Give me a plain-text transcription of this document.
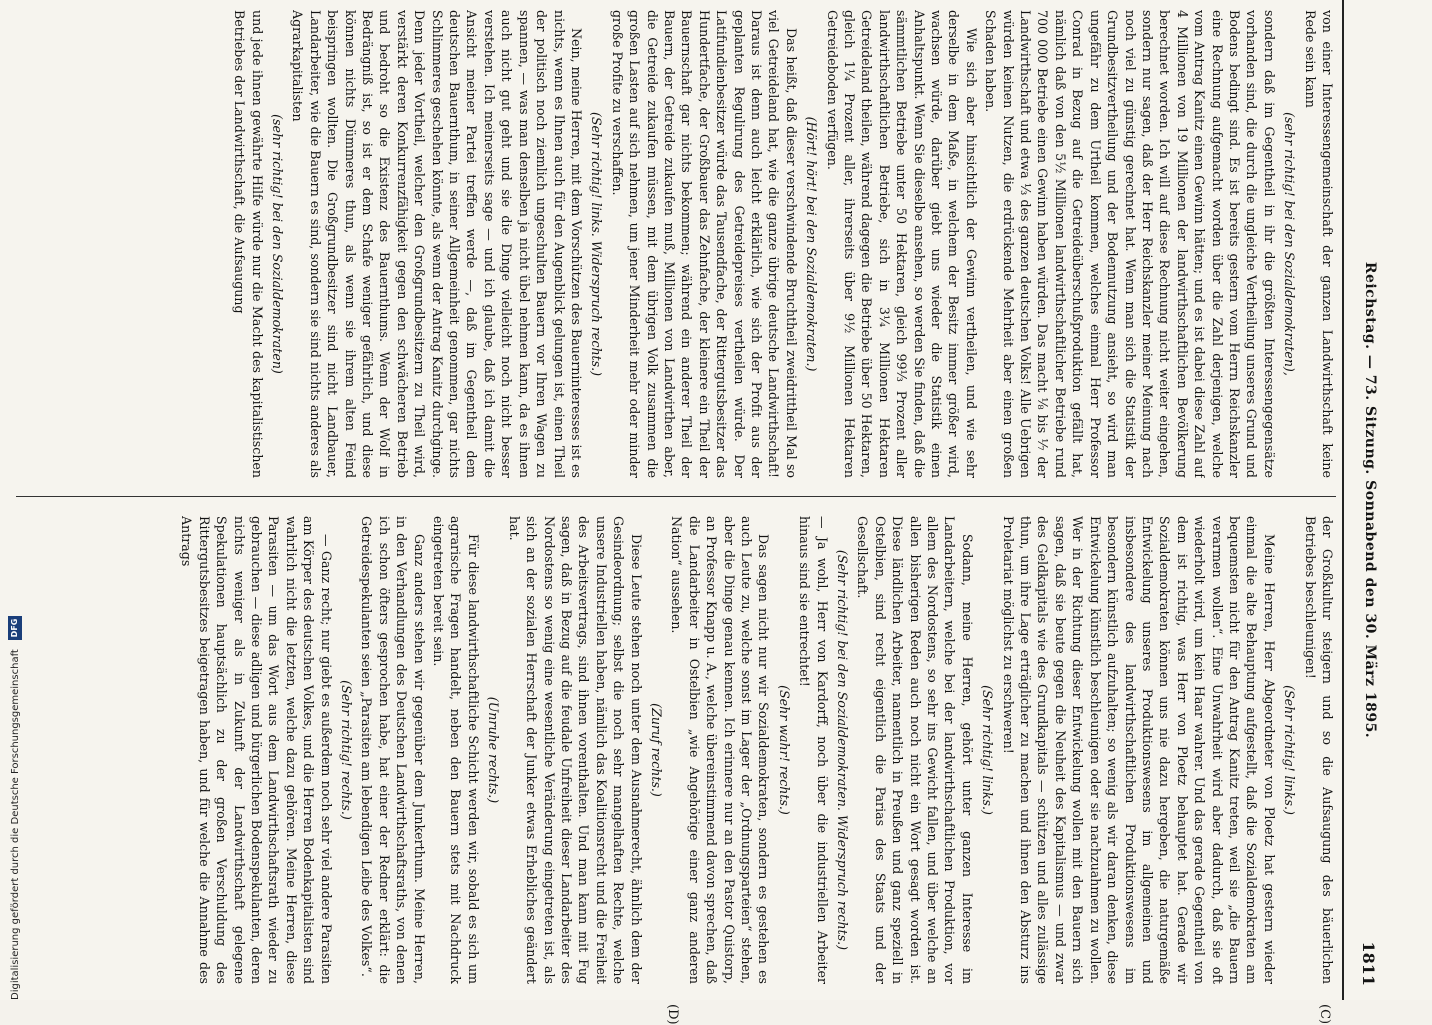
Reichstag. — 73. Sitzung. Sonnabend den 30. März 1895.
1811

von einer Interessengemeinschaft der ganzen Landwirthschaft keine Rede sein kann

(sehr richtig! bei den Sozialdemokraten),

sondern daß im Gegentheil in ihr die größten Interessengegensätze vorhanden sind, die durch die ungleiche Vertheilung unseres Grund und Bodens bedingt sind. Es ist bereits gestern vom Herrn Reichskanzler eine Rechnung aufgemacht worden über die Zahl derjenigen, welche vom Antrag Kanitz einen Gewinn hätten; und es ist dabei diese Zahl auf 4 Millionen von 19 Millionen der landwirthschaftlichen Bevölkerung berechnet worden. Ich will auf diese Rechnung nicht weiter eingehen, sondern nur sagen, daß der Herr Reichskanzler meiner Meinung nach noch viel zu günstig gerechnet hat. Wenn man sich die Statistik der Grundbesitzvertheilung und der Bodennutzung ansieht, so wird man ungefähr zu dem Urtheil kommen, welches einmal Herr Professor Conrad in Bezug auf die Getreideüberschußproduktion gefällt hat, nämlich daß von den 5½ Millionen landwirthschaftlicher Betriebe rund 700 000 Betriebe einen Gewinn haben würden. Das macht ⅛ bis ⅐ der Landwirthschaft und etwa ⅓ des ganzen deutschen Volks! Alle Uebrigen würden keinen Nutzen, die erdrückende Mehrheit aber einen großen Schaden haben.

Wie sich aber hinsichtlich der Gewinn vertheilen, und wie sehr derselbe in dem Maße, in welchem der Besitz immer größer wird, wachsen würde, darüber giebt uns wieder die Statistik einen Anhaltspunkt. Wenn Sie dieselbe ansehen, so werden Sie finden, daß die sämmtlichen Betriebe unter 50 Hektaren, gleich 99⅓ Prozent aller landwirthschaftlichen Betriebe, sich in 3¼ Millionen Hektaren Getreideland theilen, während dagegen die Betriebe über 50 Hektaren, gleich 1¼ Prozent aller, ihrerseits über 9½ Millionen Hektaren Getreideboden verfügen.

(Hört! hört! bei den Sozialdemokraten.)

Das heißt, daß dieser verschwindende Bruchtheil zweidrittheil Mal so viel Getreideland hat, wie die ganze übrige deutsche Landwirthschaft! Daraus ist denn auch leicht erklärlich, wie sich der Profit aus der geplanten Regulirung des Getreidepreises vertheilen würde. Der Latifundienbesitzer würde das Tausendfache, der Rittergutsbesitzer das Hundertfache, der Großbauer das Zehnfache, der kleinere ein Theil der Bauernschaft gar nichts bekommen; während ein anderer Theil der Bauern, der Getreide zukaufen muß, Millionen von Landwirthen aber, die Getreide zukaufen müssen, mit dem übrigen Volk zusammen die großen Lasten auf sich nehmen, um jener Minderheit mehr oder minder große Profite zu verschaffen.

(Sehr richtig! links. Widerspruch rechts.)

Nein, meine Herren, mit dem Vorschützen des Bauerninteresses ist es nichts, wenn es Ihnen auch für den Augenblick gelungen ist, einen Theil der politisch noch ziemlich ungeschulten Bauern vor Ihren Wagen zu spannen, — was man denselben ja nicht übel nehmen kann, da es ihnen auch nicht gut geht und sie die Dinge vielleicht noch nicht besser verstehen. Ich meinerseits sage — und ich glaube, daß ich damit die Ansicht meiner Partei treffen werde —, daß im Gegentheil dem deutschen Bauernthum, in seiner Allgemeinheit genommen, gar nichts Schlimmeres geschehen könnte, als wenn der Antrag Kanitz durchginge. Denn jeder Vortheil, welcher den Großgrundbesitzern zu Theil wird, verstärkt deren Konkurrenzfähigkeit gegen den schwächeren Betrieb und bedroht so die Existenz des Bauernthums. Wenn der Wolf in Bedrängniß ist, so ist er dem Schafe weniger gefährlich, und diese können nichts Dümmeres thun, als wenn sie ihrem alten Feind beispringen wollten. Die Großgrundbesitzer sind nicht Landbauer, Landarbeiter, wie die Bauern es sind, sondern sie sind nichts anderes als Agrarkapitalisten

(sehr richtig! bei den Sozialdemokraten)

und jede ihnen gewährte Hilfe würde nur die Macht des kapitalistischen Betriebes der Landwirthschaft, die Aufsaugung

der Großkultur steigern und so die Aufsaugung des bäuerlichen Betriebes beschleunigen!

(Sehr richtig! links.)

Meine Herren, Herr Abgeordneter von Ploetz hat gestern wieder einmal die alte Behauptung aufgestellt, daß die Sozialdemokraten am bequemsten nicht für den Antrag Kanitz treten, weil sie „die Bauern verarmen wollen“. Eine Unwahrheit wird aber dadurch, daß sie oft wiederholt wird, um kein Haar wahrer. Und das gerade Gegentheil von dem ist richtig, was Herr von Ploetz behauptet hat. Gerade wir Sozialdemokraten können uns nie dazu hergeben, die naturgemäße Entwickelung unseres Produktionswesens im allgemeinen und insbesondere des landwirthschaftlichen Produktionswesens im besondern künstlich aufzuhalten; so wenig als wir daran denken, diese Entwickelung künstlich beschleunigen oder sie nachzuahmen zu wollen. Wer in der Richtung dieser Entwickelung wollen mit den Bauern sich sagen, daß sie beute gegen die Neuheit des Kapitalismus — und zwar des Geldkapitals wie des Grundkapitals — schützen und alles zulässige thun, um ihre Lage erträglicher zu machen und ihnen den Absturz ins Proletariat möglichst zu erschweren!

(Sehr richtig! links.)

Sodann, meine Herren, gehört unter ganzen Interesse im Landarbeitern, welche bei der landwirthschaftlichen Produktion, vor allem des Nordostens, so sehr ins Gewicht fallen, und über welche an allen bisherigen Reden auch noch nicht ein Wort gesagt worden ist. Diese ländlichen Arbeiter, namentlich in Preußen und ganz speziell in Ostelbien, sind recht eigentlich die Parias des Staats und der Gesellschaft.

(Sehr richtig! bei den Sozialdemokraten. Widerspruch rechts.)

— Ja wohl, Herr von Kardorff, noch über die industriellen Arbeiter hinaus sind sie entrechtet!

(Sehr wahr! rechts.)

Das sagen nicht nur wir Sozialdemokraten, sondern es gestehen es auch Leute zu, welche sonst im Lager der „Ordnungsparteien“ stehen, aber die Dinge genau kennen. Ich erinnere nur an den Pastor Quistorp, an Professor Knapp u. A., welche übereinstimmend davon sprechen, daß die Landarbeiter in Ostelbien „wie Angehörige einer ganz anderen Nation“ aussehen.

(Zuruf rechts.)

Diese Leute stehen noch unter dem Ausnahmerecht, ähnlich dem der Gesindeordnung; selbst die noch sehr mangelhaften Rechte, welche unsere Industriellen haben, nämlich das Koalitionsrecht und die Freiheit des Arbeitsvertrags, sind ihnen vorenthalten. Und man kann mit Fug sagen, daß in Bezug auf die feudale Unfreiheit dieser Landarbeiter des Nordostens so wenig eine wesentliche Veränderung eingetreten ist, als sich an der sozialen Herrschaft der Junker etwas Erhebliches geändert hat.

(Unruhe rechts.)

Für diese landwirthschaftliche Schicht werden wir, sobald es sich um agrarische Fragen handelt, neben den Bauern stets mit Nachdruck eingetreten bereit sein.

Ganz anders stehen wir gegenüber dem Junkerthum. Meine Herren, in den Verhandlungen des Deutschen Landwirthschaftsraths, von denen ich schon öfters gesprochen habe, hat einer der Redner erklärt: die Getreidespekulanten seien „Parasiten am lebendigen Leibe des Volkes“.

(Sehr richtig! rechts.)

— Ganz recht; nur giebt es außerdem noch sehr viel andere Parasiten am Körper des deutschen Volkes, und die Herren Bodenkapitalisten sind wahrlich nicht die letzten, welche dazu gehören. Meine Herren, diese Parasiten — um das Wort aus dem Landwirthschaftsrath wieder zu gebrauchen — diese adligen und bürgerlichen Bodenspekulanten, deren nichts weniger als in Zukunft der Landwirthschaft gelegene Spekulationen hauptsächlich zu der großen Verschuldung des Rittergutsbesitzes beigetragen haben, und für welche die Annahme des Antrags

(C)
(D)
Digitalisierung gefördert durch die Deutsche Forschungsgemeinschaft DFG
